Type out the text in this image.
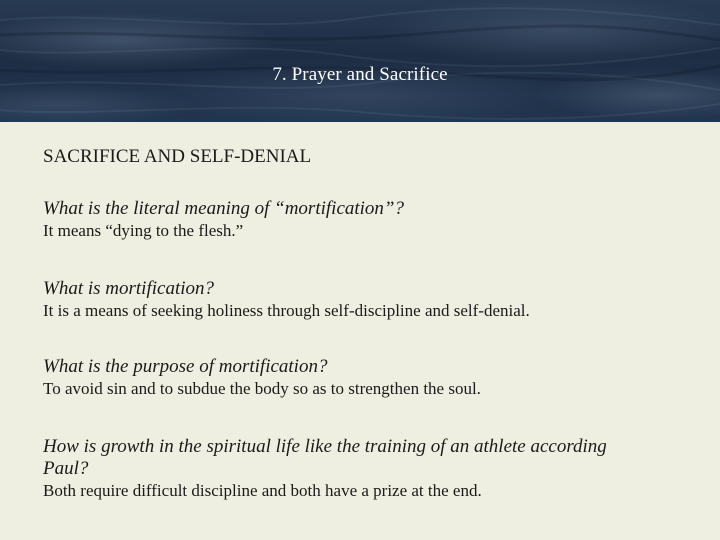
7. Prayer and Sacrifice

SACRIFICE AND SELF-DENIAL

What is the literal meaning of “mortification”?

It means “dying to the flesh.”

What is mortification?

It is a means of seeking holiness through self-discipline and self-denial.

What is the purpose of mortification?

To avoid sin and to subdue the body so as to strengthen the soul.

How is growth in the spiritual life like the training of an athlete according
Paul?

Both require difficult discipline and both have a prize at the end.
